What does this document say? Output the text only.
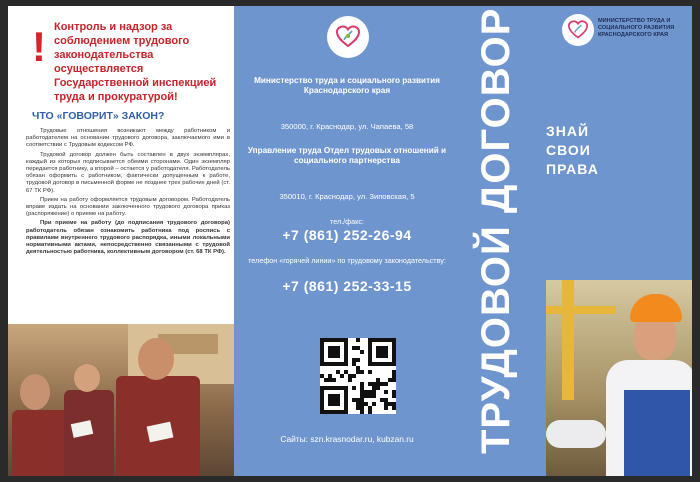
! Контроль и надзор за соблюдением трудового законодательства осуществляется Государственной инспекцией труда и прокуратурой!
ЧТО «ГОВОРИТ» ЗАКОН?

Трудовые отношения возникают между работником и работодателем на основании трудового договора, заключаемого ими в соответствии с Трудовым кодексом РФ.

Трудовой договор должен быть составлен в двух экземплярах, каждый из которых подписывается обеими сторонами. Один экземпляр передается работнику, а второй – остается у работодателя. Работодатель обязан оформить с работником, фактически допущенным к работе, трудовой договор в письменной форме не позднее трех рабочих дней (ст. 67 ТК РФ).

Прием на работу оформляется трудовым договором. Работодатель вправе издать на основании заключенного трудового договора приказ (распоряжение) о приеме на работу.

При приеме на работу (до подписания трудового договора) работодатель обязан ознакомить работника под роспись с правилами внутреннего трудового распорядка, иными локальными нормативными актами, непосредственно связанными с трудовой деятельностью работника, коллективным договором (ст. 68 ТК РФ).

Министерство труда и социального развития Краснодарского края
350000, г. Краснодар, ул. Чапаева, 58
Управление труда Отдел трудовых отношений и социального партнерства
350010, г. Краснодар, ул. Зиповская, 5
тел./факс:
+7 (861) 252-26-94
телефон «горячей линии» по трудовому законодательству:
+7 (861) 252-33-15
Сайты: szn.krasnodar.ru, kubzan.ru	ТРУДОВОЙ ДОГОВОР	МИНИСТЕРСТВО ТРУДА И СОЦИАЛЬНОГО РАЗВИТИЯ КРАСНОДАРСКОГО КРАЯ
ЗНАЙ
СВОИ
ПРАВА
